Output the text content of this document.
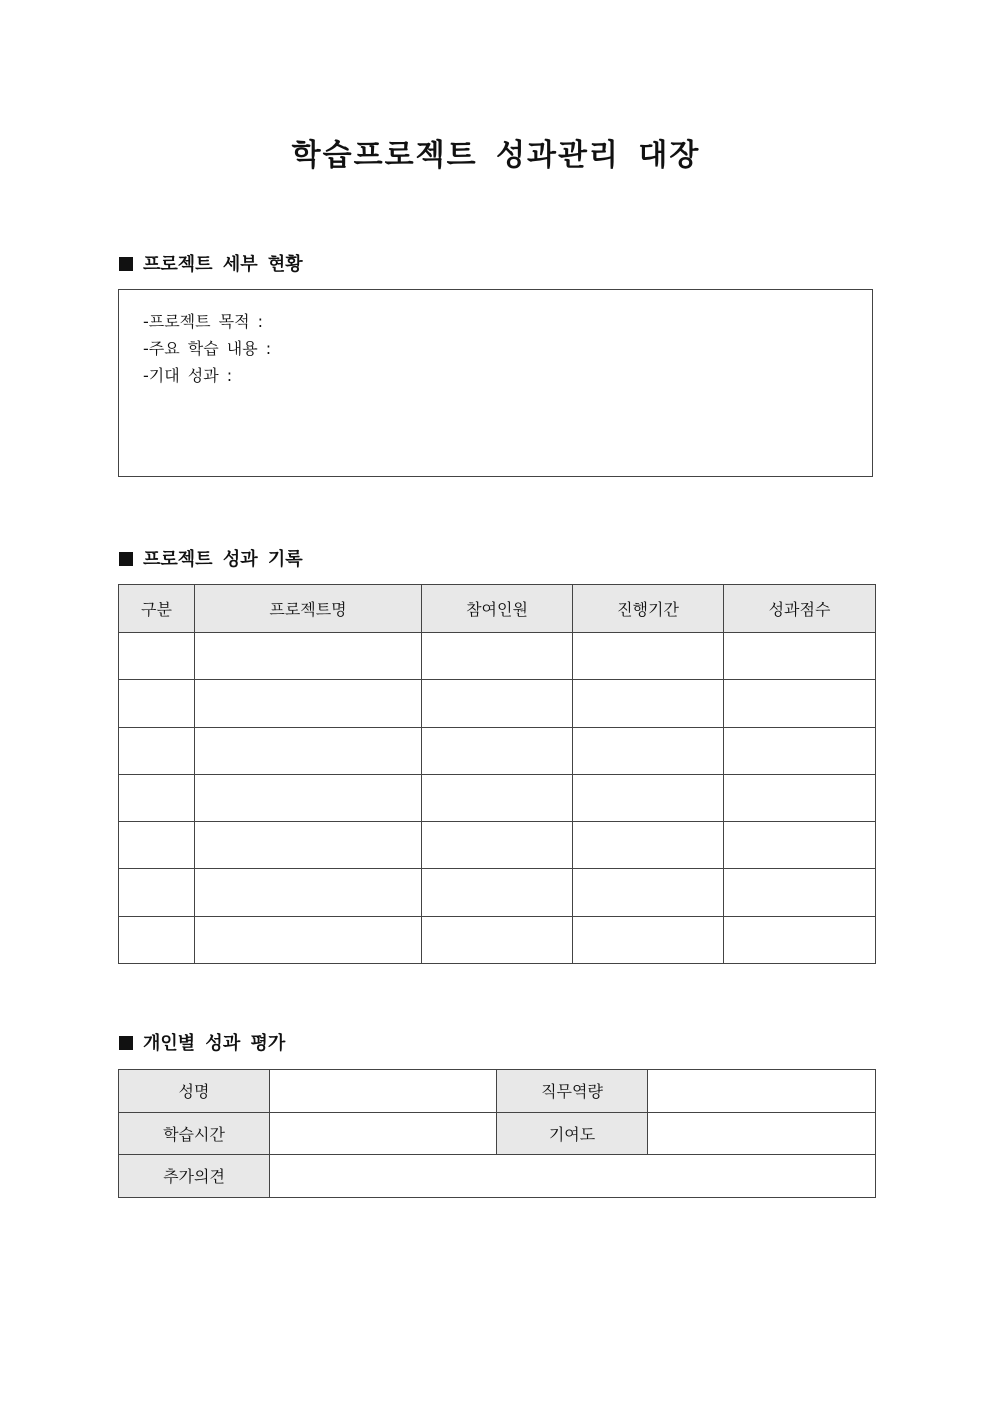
학습프로젝트 성과관리 대장
프로젝트 세부 현황
-프로젝트 목적 :
-주요 학습 내용 :
-기대 성과 :
프로젝트 성과 기록
구분	프로젝트명	참여인원	진행기간	성과점수

개인별 성과 평가
성명		직무역량	
학습시간		기여도	
추가의견			
